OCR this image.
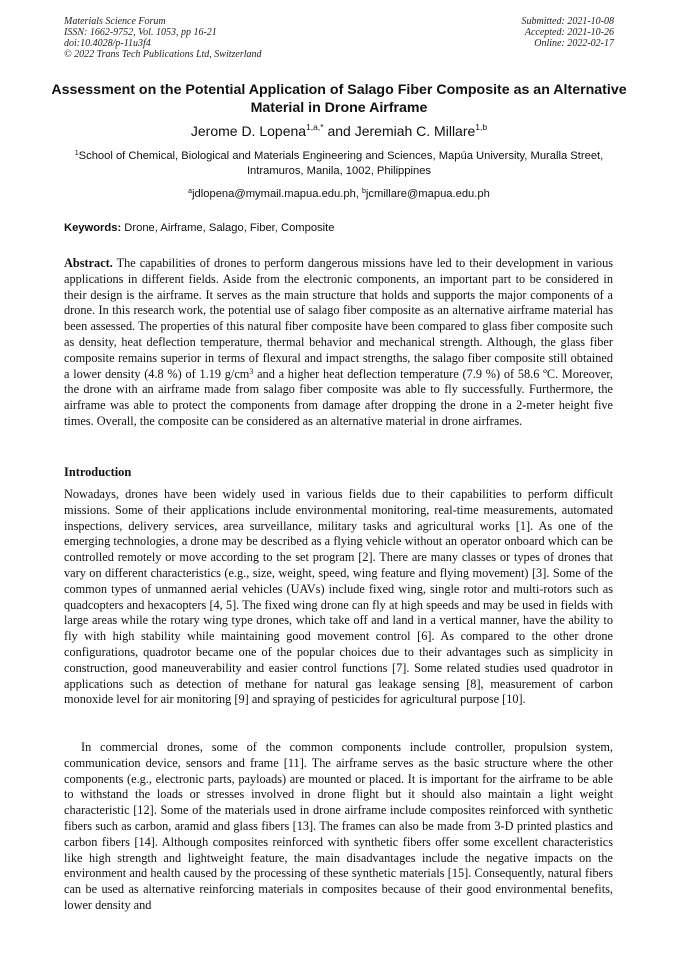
Materials Science Forum
ISSN: 1662-9752, Vol. 1053, pp 16-21
doi:10.4028/p-11u3f4
© 2022 Trans Tech Publications Ltd, Switzerland
Submitted: 2021-10-08
Accepted: 2021-10-26
Online: 2022-02-17
Assessment on the Potential Application of Salago Fiber Composite as an Alternative Material in Drone Airframe
Jerome D. Lopena$^{1,a,*}$ and Jeremiah C. Millare$^{1,b}$
$^1$School of Chemical, Biological and Materials Engineering and Sciences, Mapúa University, Muralla Street, Intramuros, Manila, 1002, Philippines
$^a$jdlopena@mymail.mapua.edu.ph, $^b$jcmillare@mapua.edu.ph
Keywords: Drone, Airframe, Salago, Fiber, Composite

Abstract. The capabilities of drones to perform dangerous missions have led to their development in various applications in different fields. Aside from the electronic components, an important part to be considered in their design is the airframe. It serves as the main structure that holds and supports the major components of a drone. In this research work, the potential use of salago fiber composite as an alternative airframe material has been assessed. The properties of this natural fiber composite have been compared to glass fiber composite such as density, heat deflection temperature, thermal behavior and mechanical strength. Although, the glass fiber composite remains superior in terms of flexural and impact strengths, the salago fiber composite still obtained a lower density (4.8 %) of 1.19 $g/cm^3$ and a higher heat deflection temperature (7.9 %) of 58.6 ºC. Moreover, the drone with an airframe made from salago fiber composite was able to fly successfully. Furthermore, the airframe was able to protect the components from damage after dropping the drone in a 2-meter height five times. Overall, the composite can be considered as an alternative material in drone airframes.

Introduction

Nowadays, drones have been widely used in various fields due to their capabilities to perform difficult missions. Some of their applications include environmental monitoring, real-time measurements, automated inspections, delivery services, area surveillance, military tasks and agricultural works [1]. As one of the emerging technologies, a drone may be described as a flying vehicle without an operator onboard which can be controlled remotely or move according to the set program [2]. There are many classes or types of drones that vary on different characteristics (e.g., size, weight, speed, wing feature and flying movement) [3]. Some of the common types of unmanned aerial vehicles (UAVs) include fixed wing, single rotor and multi-rotors such as quadcopters and hexacopters [4, 5]. The fixed wing drone can fly at high speeds and may be used in fields with large areas while the rotary wing type drones, which take off and land in a vertical manner, have the ability to fly with high stability while maintaining good movement control [6]. As compared to the other drone configurations, quadrotor became one of the popular choices due to their advantages such as simplicity in construction, good maneuverability and easier control functions [7]. Some related studies used quadrotor in applications such as detection of methane for natural gas leakage sensing [8], measurement of carbon monoxide level for air monitoring [9] and spraying of pesticides for agricultural purpose [10].

In commercial drones, some of the common components include controller, propulsion system, communication device, sensors and frame [11]. The airframe serves as the basic structure where the other components (e.g., electronic parts, payloads) are mounted or placed. It is important for the airframe to be able to withstand the loads or stresses involved in drone flight but it should also maintain a light weight characteristic [12]. Some of the materials used in drone airframe include composites reinforced with synthetic fibers such as carbon, aramid and glass fibers [13]. The frames can also be made from 3-D printed plastics and carbon fibers [14]. Although composites reinforced with synthetic fibers offer some excellent characteristics like high strength and lightweight feature, the main disadvantages include the negative impacts on the environment and health caused by the processing of these synthetic materials [15]. Consequently, natural fibers can be used as alternative reinforcing materials in composites because of their good environmental benefits, lower density and
